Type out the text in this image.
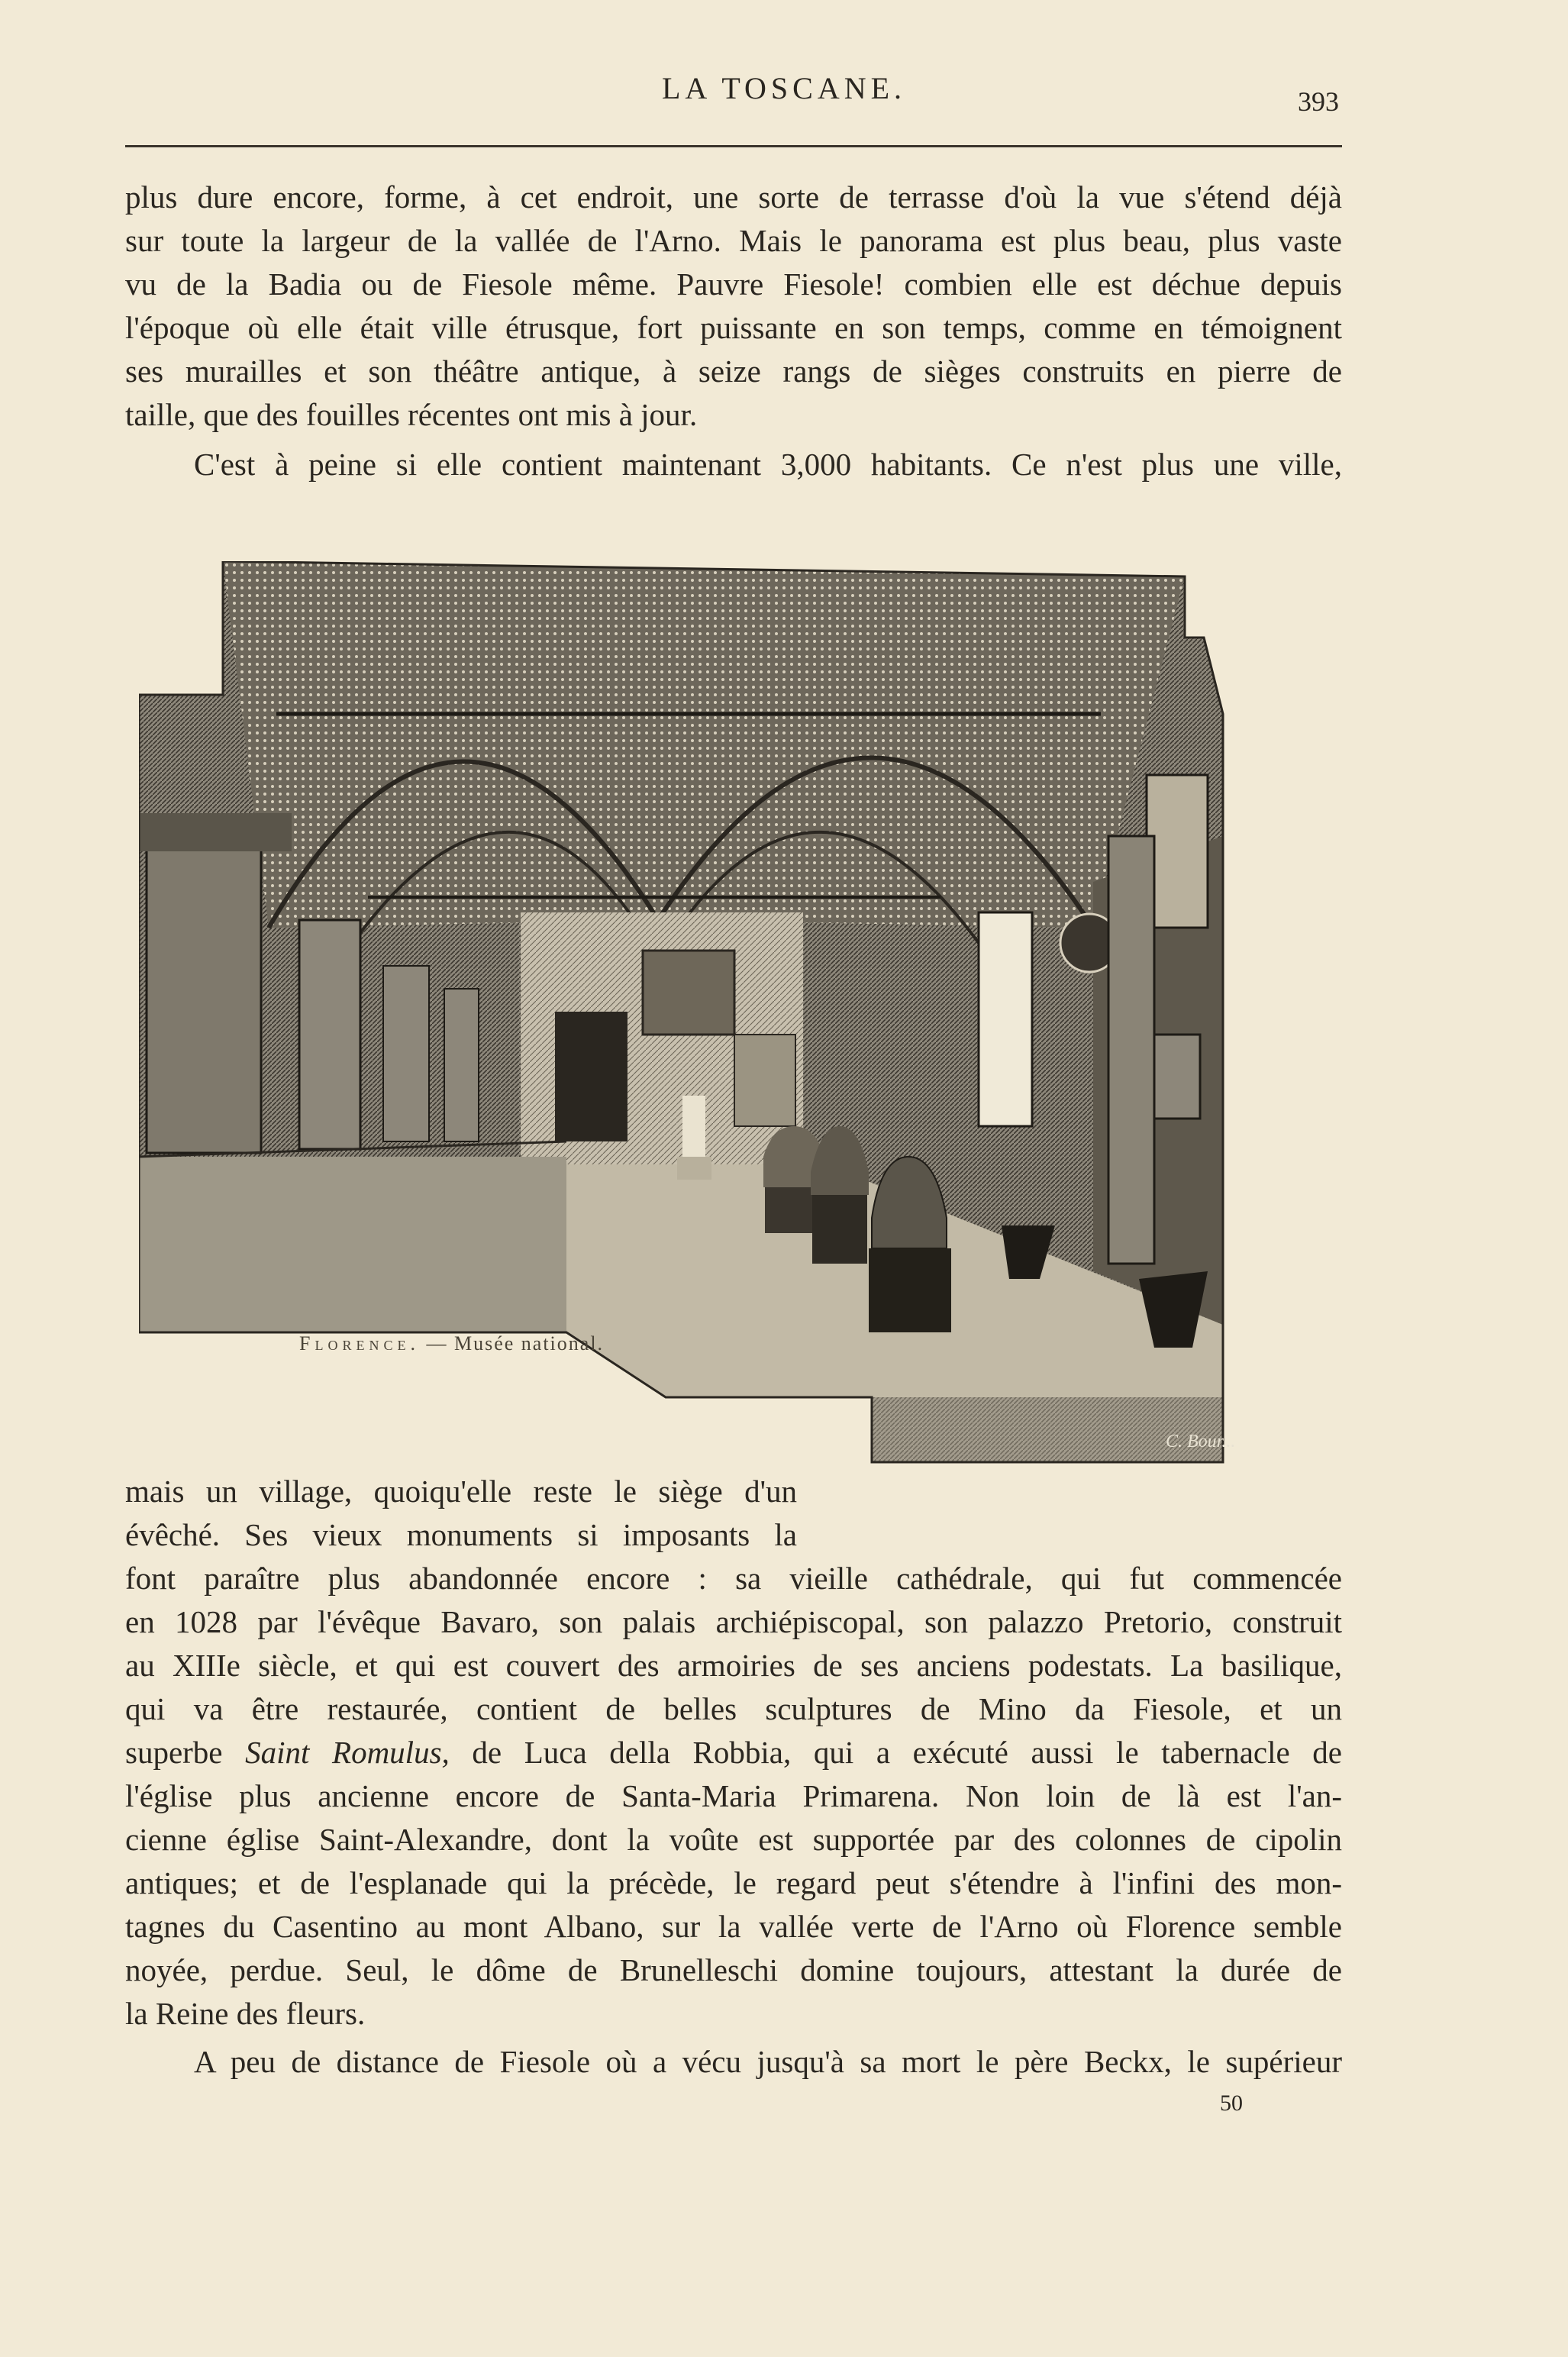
LA TOSCANE.	393

plus dure encore, forme, à cet endroit, une sorte de terrasse d'où la vue s'étend déjà

sur toute la largeur de la vallée de l'Arno. Mais le panorama est plus beau, plus vaste

vu de la Badia ou de Fiesole même. Pauvre Fiesole! combien elle est déchue depuis

l'époque où elle était ville étrusque, fort puissante en son temps, comme en témoignent

ses murailles et son théâtre antique, à seize rangs de sièges construits en pierre de

taille, que des fouilles récentes ont mis à jour.

C'est à peine si elle contient maintenant 3,000 habitants. Ce n'est plus une ville,

C. Bour...
Florence. — Musée national.

mais un village, quoiqu'elle reste le siège d'un

évêché. Ses vieux monuments si imposants la

font paraître plus abandonnée encore : sa vieille cathédrale, qui fut commencée

en 1028 par l'évêque Bavaro, son palais archiépiscopal, son palazzo Pretorio, construit

au XIIIe siècle, et qui est couvert des armoiries de ses anciens podestats. La basilique,

qui va être restaurée, contient de belles sculptures de Mino da Fiesole, et un

superbe Saint Romulus, de Luca della Robbia, qui a exécuté aussi le tabernacle de

l'église plus ancienne encore de Santa-Maria Primarena. Non loin de là est l'an-

cienne église Saint-Alexandre, dont la voûte est supportée par des colonnes de cipolin

antiques; et de l'esplanade qui la précède, le regard peut s'étendre à l'infini des mon-

tagnes du Casentino au mont Albano, sur la vallée verte de l'Arno où Florence semble

noyée, perdue. Seul, le dôme de Brunelleschi domine toujours, attestant la durée de

la Reine des fleurs.

A peu de distance de Fiesole où a vécu jusqu'à sa mort le père Beckx, le supérieur

50
